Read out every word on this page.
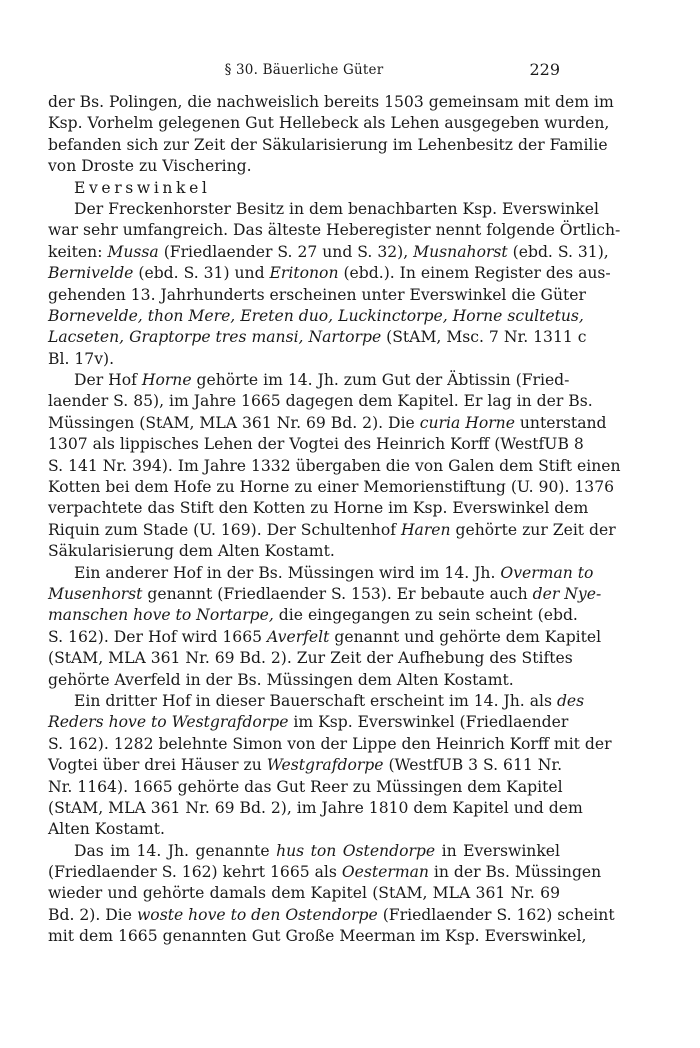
§ 30. Bäuerliche Güter	229
der Bs. Polingen, die nachweislich bereits 1503 gemeinsam mit dem im
Ksp. Vorhelm gelegenen Gut Hellebeck als Lehen ausgegeben wurden,
befanden sich zur Zeit der Säkularisierung im Lehenbesitz der Familie
von Droste zu Vischering.
Everswinkel
Der Freckenhorster Besitz in dem benachbarten Ksp. Everswinkel
war sehr umfangreich. Das älteste Heberegister nennt folgende Örtlich-
keiten: Mussa (Friedlaender S. 27 und S. 32), Musnahorst (ebd. S. 31),
Bernivelde (ebd. S. 31) und Eritonon (ebd.). In einem Register des aus-
gehenden 13. Jahrhunderts erscheinen unter Everswinkel die Güter
Bornevelde, thon Mere, Ereten duo, Luckinctorpe, Horne scultetus,
Lacseten, Graptorpe tres mansi, Nartorpe (StAM, Msc. 7 Nr. 1311 c
Bl. 17v).
Der Hof Horne gehörte im 14. Jh. zum Gut der Äbtissin (Fried-
laender S. 85), im Jahre 1665 dagegen dem Kapitel. Er lag in der Bs.
Müssingen (StAM, MLA 361 Nr. 69 Bd. 2). Die curia Horne unterstand
1307 als lippisches Lehen der Vogtei des Heinrich Korff (WestfUB 8
S. 141 Nr. 394). Im Jahre 1332 übergaben die von Galen dem Stift einen
Kotten bei dem Hofe zu Horne zu einer Memorienstiftung (U. 90). 1376
verpachtete das Stift den Kotten zu Horne im Ksp. Everswinkel dem
Riquin zum Stade (U. 169). Der Schultenhof Haren gehörte zur Zeit der
Säkularisierung dem Alten Kostamt.
Ein anderer Hof in der Bs. Müssingen wird im 14. Jh. Overman to
Musenhorst genannt (Friedlaender S. 153). Er bebaute auch der Nye-
manschen hove to Nortarpe, die eingegangen zu sein scheint (ebd.
S. 162). Der Hof wird 1665 Averfelt genannt und gehörte dem Kapitel
(StAM, MLA 361 Nr. 69 Bd. 2). Zur Zeit der Aufhebung des Stiftes
gehörte Averfeld in der Bs. Müssingen dem Alten Kostamt.
Ein dritter Hof in dieser Bauerschaft erscheint im 14. Jh. als des
Reders hove to Westgrafdorpe im Ksp. Everswinkel (Friedlaender
S. 162). 1282 belehnte Simon von der Lippe den Heinrich Korff mit der
Vogtei über drei Häuser zu Westgrafdorpe (WestfUB 3 S. 611 Nr.
Nr. 1164). 1665 gehörte das Gut Reer zu Müssingen dem Kapitel
(StAM, MLA 361 Nr. 69 Bd. 2), im Jahre 1810 dem Kapitel und dem
Alten Kostamt.
Das im 14. Jh. genannte hus ton Ostendorpe in Everswinkel
(Friedlaender S. 162) kehrt 1665 als Oesterman in der Bs. Müssingen
wieder und gehörte damals dem Kapitel (StAM, MLA 361 Nr. 69
Bd. 2). Die woste hove to den Ostendorpe (Friedlaender S. 162) scheint
mit dem 1665 genannten Gut Große Meerman im Ksp. Everswinkel,
